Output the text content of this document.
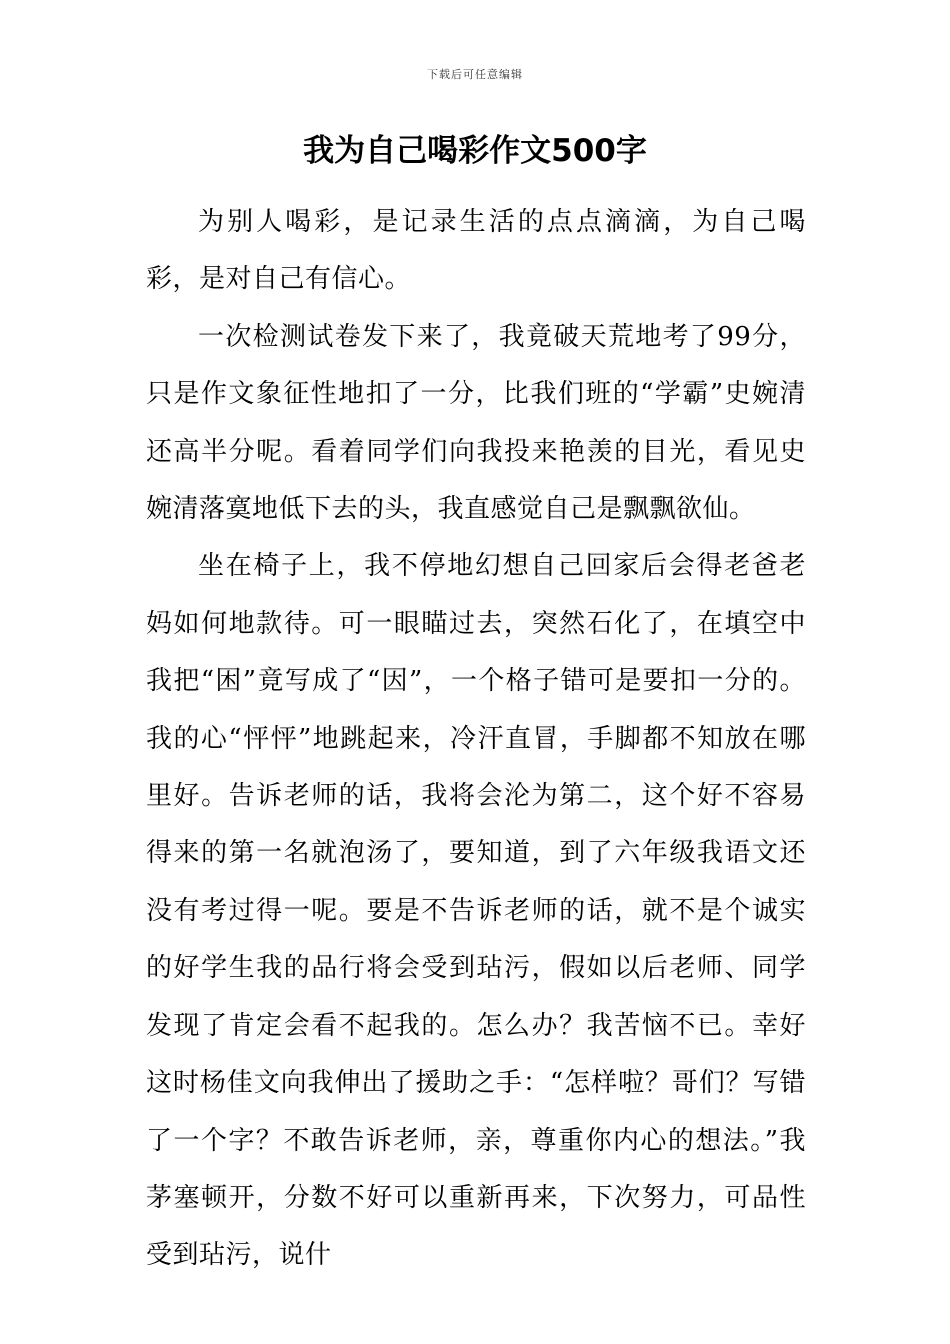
下载后可任意编辑
我为自己喝彩作文500字

为别人喝彩，是记录生活的点点滴滴，为自己喝彩，是对自己有信心。

一次检测试卷发下来了，我竟破天荒地考了99分，只是作文象征性地扣了一分，比我们班的“学霸”史婉清还高半分呢。看着同学们向我投来艳羡的目光，看见史婉清落寞地低下去的头，我直感觉自己是飘飘欲仙。

坐在椅子上，我不停地幻想自己回家后会得老爸老妈如何地款待。可一眼瞄过去，突然石化了，在填空中我把“困”竟写成了“因”，一个格子错可是要扣一分的。我的心“怦怦”地跳起来，冷汗直冒，手脚都不知放在哪里好。告诉老师的话，我将会沦为第二，这个好不容易得来的第一名就泡汤了，要知道，到了六年级我语文还没有考过得一呢。要是不告诉老师的话，就不是个诚实的好学生我的品行将会受到玷污，假如以后老师、同学发现了肯定会看不起我的。怎么办？我苦恼不已。幸好这时杨佳文向我伸出了援助之手：“怎样啦？哥们？写错了一个字？不敢告诉老师，亲，尊重你内心的想法。”我茅塞顿开，分数不好可以重新再来，下次努力，可品性受到玷污，说什
